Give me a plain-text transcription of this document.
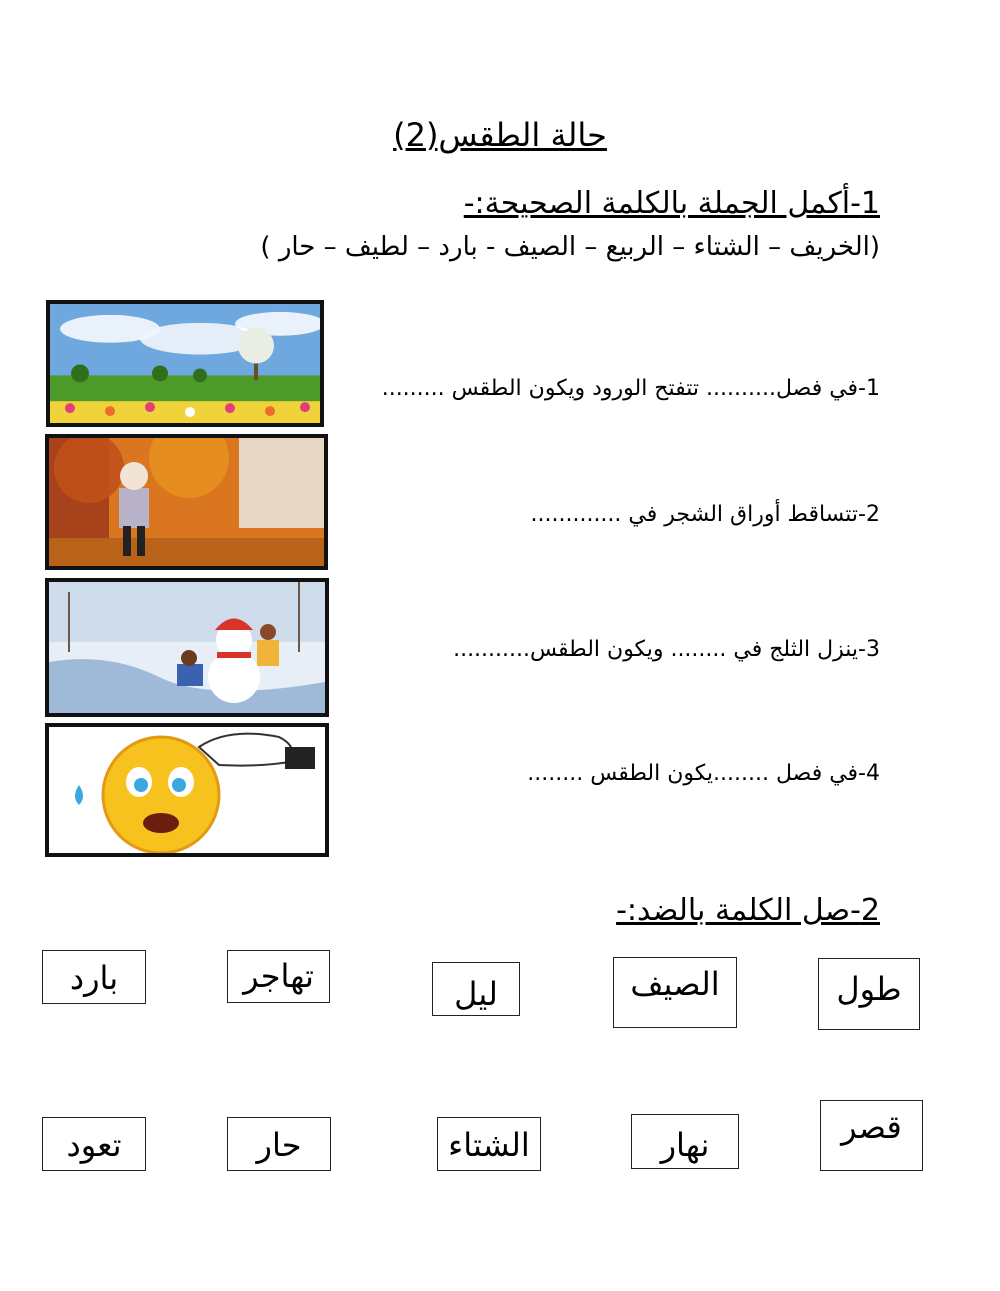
حالة الطقس(2)
1-أكمل الجملة بالكلمة الصحيحة:-
(الخريف – الشتاء – الربيع – الصيف - بارد – لطيف – حار )
1-في فصل.......... تتفتح الورود ويكون الطقس .........
2-تتساقط أوراق الشجر في .............
3-ينزل الثلج في ........ ويكون الطقس...........
4-في فصل ........يكون الطقس ........
2-صل الكلمة بالضد:-
طول
الصيف
ليل
تهاجر
بارد
قصر
نهار
الشتاء
حار
تعود
